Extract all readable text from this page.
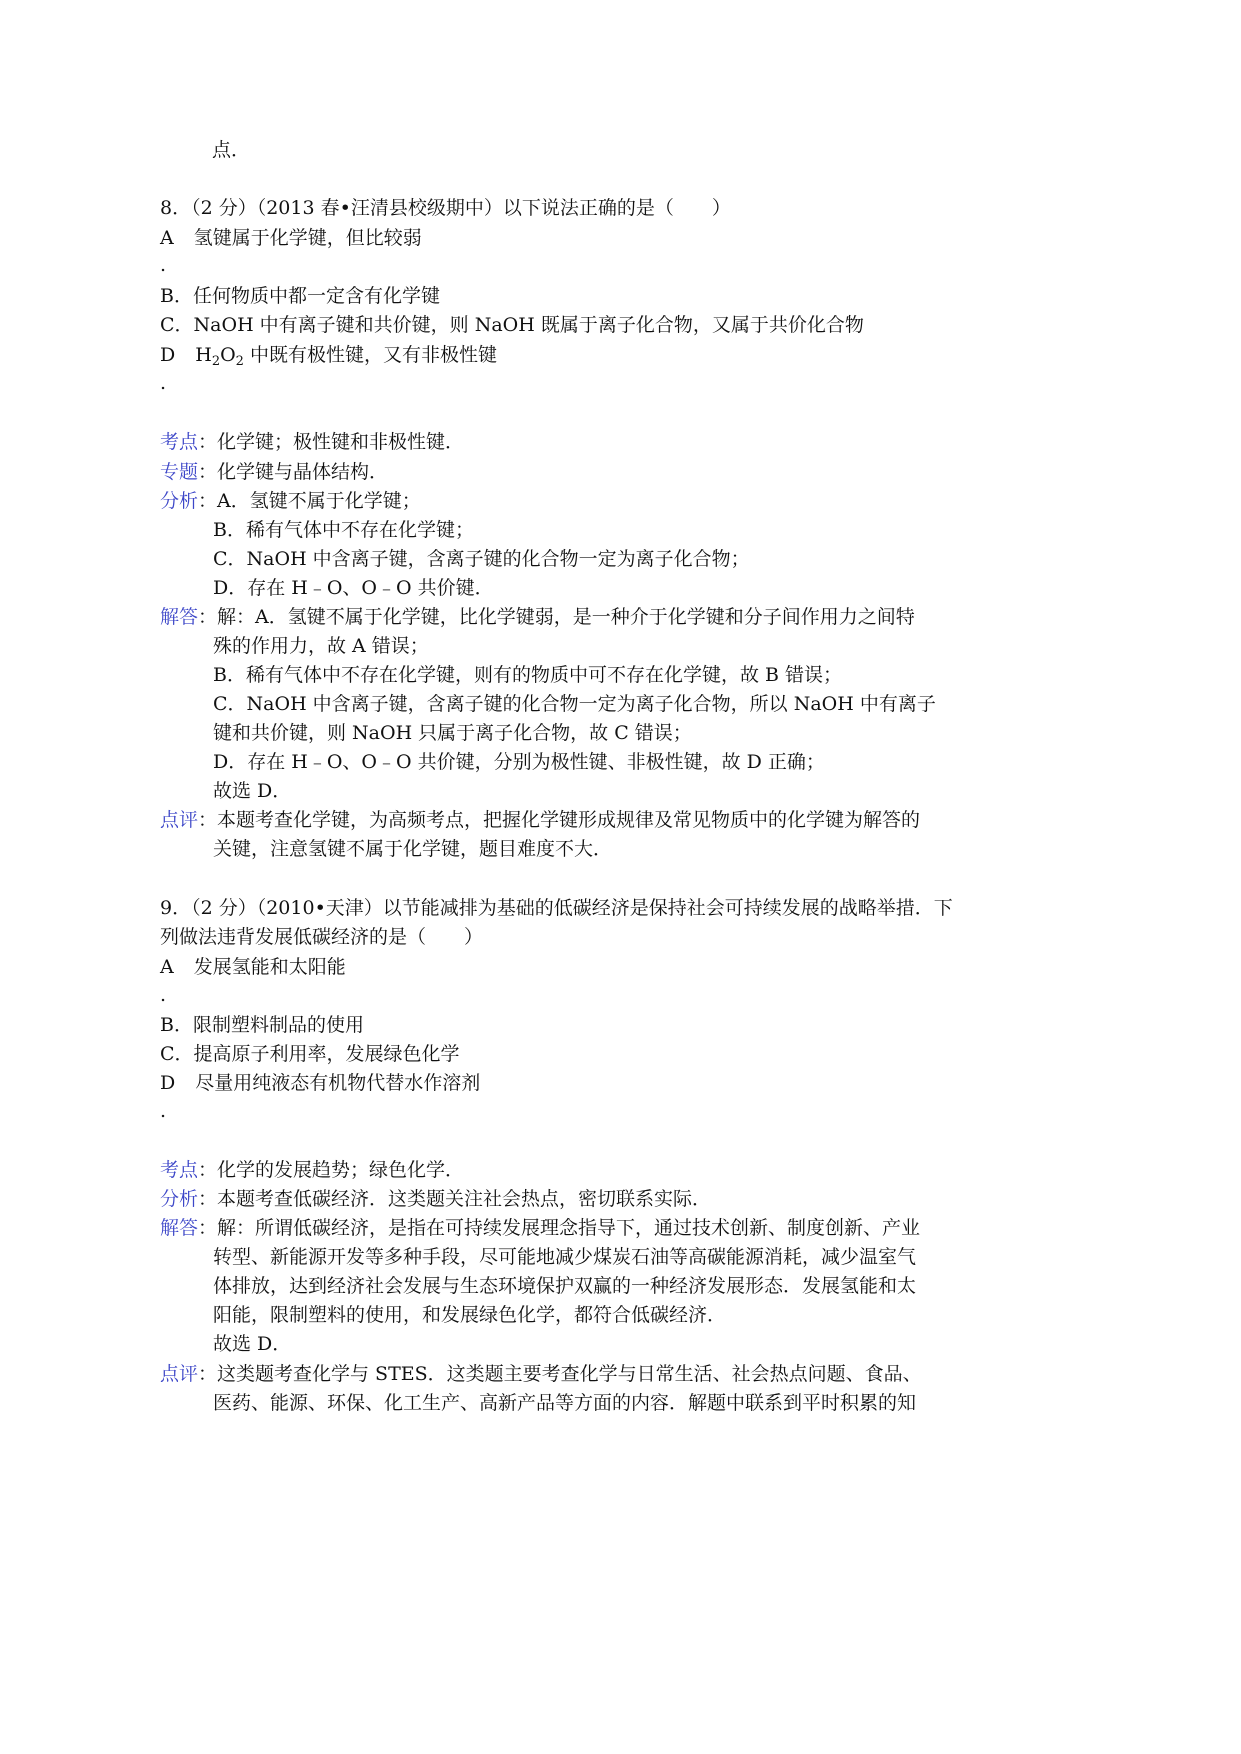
点．
8．（2 分）（2013 春•汪清县校级期中）以下说法正确的是（　　）
A 氢键属于化学键，但比较弱
.
B．任何物质中都一定含有化学键
C．NaOH 中有离子键和共价键，则 NaOH 既属于离子化合物，又属于共价化合物
D $H_2O_2$ 中既有极性键，又有非极性键
.
考点：化学键；极性键和非极性键．
专题：化学键与晶体结构．
分析：A．氢键不属于化学键；
B．稀有气体中不存在化学键；
C．NaOH 中含离子键，含离子键的化合物一定为离子化合物；
D．存在 H﹣O、O﹣O 共价键．
解答：解：A．氢键不属于化学键，比化学键弱，是一种介于化学键和分子间作用力之间特
殊的作用力，故 A 错误；
B．稀有气体中不存在化学键，则有的物质中可不存在化学键，故 B 错误；
C．NaOH 中含离子键，含离子键的化合物一定为离子化合物，所以 NaOH 中有离子
键和共价键，则 NaOH 只属于离子化合物，故 C 错误；
D．存在 H﹣O、O﹣O 共价键，分别为极性键、非极性键，故 D 正确；
故选 D．
点评：本题考查化学键，为高频考点，把握化学键形成规律及常见物质中的化学键为解答的
关键，注意氢键不属于化学键，题目难度不大．
9．（2 分）（2010•天津）以节能减排为基础的低碳经济是保持社会可持续发展的战略举措．下
列做法违背发展低碳经济的是（　　）
A 发展氢能和太阳能
.
B．限制塑料制品的使用
C．提高原子利用率，发展绿色化学
D 尽量用纯液态有机物代替水作溶剂
.
考点：化学的发展趋势；绿色化学．
分析：本题考查低碳经济．这类题关注社会热点，密切联系实际．
解答：解：所谓低碳经济，是指在可持续发展理念指导下，通过技术创新、制度创新、产业
转型、新能源开发等多种手段，尽可能地减少煤炭石油等高碳能源消耗，减少温室气
体排放，达到经济社会发展与生态环境保护双赢的一种经济发展形态．发展氢能和太
阳能，限制塑料的使用，和发展绿色化学，都符合低碳经济．
故选 D．
点评：这类题考查化学与 STES．这类题主要考查化学与日常生活、社会热点问题、食品、
医药、能源、环保、化工生产、高新产品等方面的内容．解题中联系到平时积累的知
